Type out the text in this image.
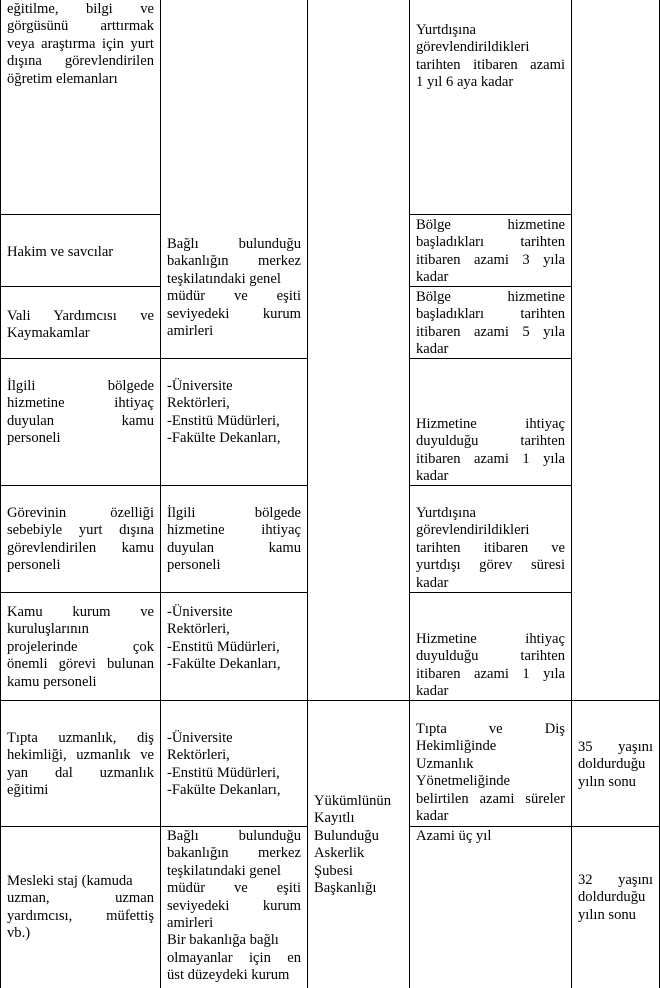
eğitilme, bilgi ve
görgüsünü arttırmak
veya araştırma için yurt
dışına görevlendirilen
öğretim elemanları
Yurtdışına
görevlendirildikleri
tarihten itibaren azami
1 yıl 6 aya kadar
Hakim ve savcılar	Bağlı bulunduğu
bakanlığın merkez
teşkilatındaki genel
müdür ve eşiti
seviyedeki kurum
amirleri
Bölge hizmetine
başladıkları tarihten
itibaren azami 3 yıla
kadar
Vali Yardımcısı ve
Kaymakamlar
Bölge hizmetine
başladıkları tarihten
itibaren azami 5 yıla
kadar
İlgili bölgede
hizmetine ihtiyaç
duyulan kamu
personeli
-Üniversite
Rektörleri,
-Enstitü Müdürleri,
-Fakülte Dekanları,
Hizmetine ihtiyaç
duyulduğu tarihten
itibaren azami 1 yıla
kadar
Görevinin özelliği
sebebiyle yurt dışına
görevlendirilen kamu
personeli
İlgili bölgede
hizmetine ihtiyaç
duyulan kamu
personeli
Yurtdışına
görevlendirildikleri
tarihten itibaren ve
yurtdışı görev süresi
kadar
Kamu kurum ve
kuruluşlarının
projelerinde çok
önemli görevi bulunan
kamu personeli
-Üniversite
Rektörleri,
-Enstitü Müdürleri,
-Fakülte Dekanları,
Hizmetine ihtiyaç
duyulduğu tarihten
itibaren azami 1 yıla
kadar
Tıpta uzmanlık, diş
hekimliği, uzmanlık ve
yan dal uzmanlık
eğitimi
-Üniversite
Rektörleri,
-Enstitü Müdürleri,
-Fakülte Dekanları,
Tıpta ve Diş
Hekimliğinde
Uzmanlık
Yönetmeliğinde
belirtilen azami süreler
kadar
35 yaşını
doldurduğu
yılın sonu
Yükümlünün
Kayıtlı
Bulunduğu
Askerlik
Şubesi
Başkanlığı
Mesleki staj (kamuda
uzman, uzman
yardımcısı, müfettiş
vb.)
Bağlı bulunduğu
bakanlığın merkez
teşkilatındaki genel
müdür ve eşiti
seviyedeki kurum
amirleri
Bir bakanlığa bağlı
olmayanlar için en
üst düzeydeki kurum
Azami üç yıl
32 yaşını
doldurduğu
yılın sonu
